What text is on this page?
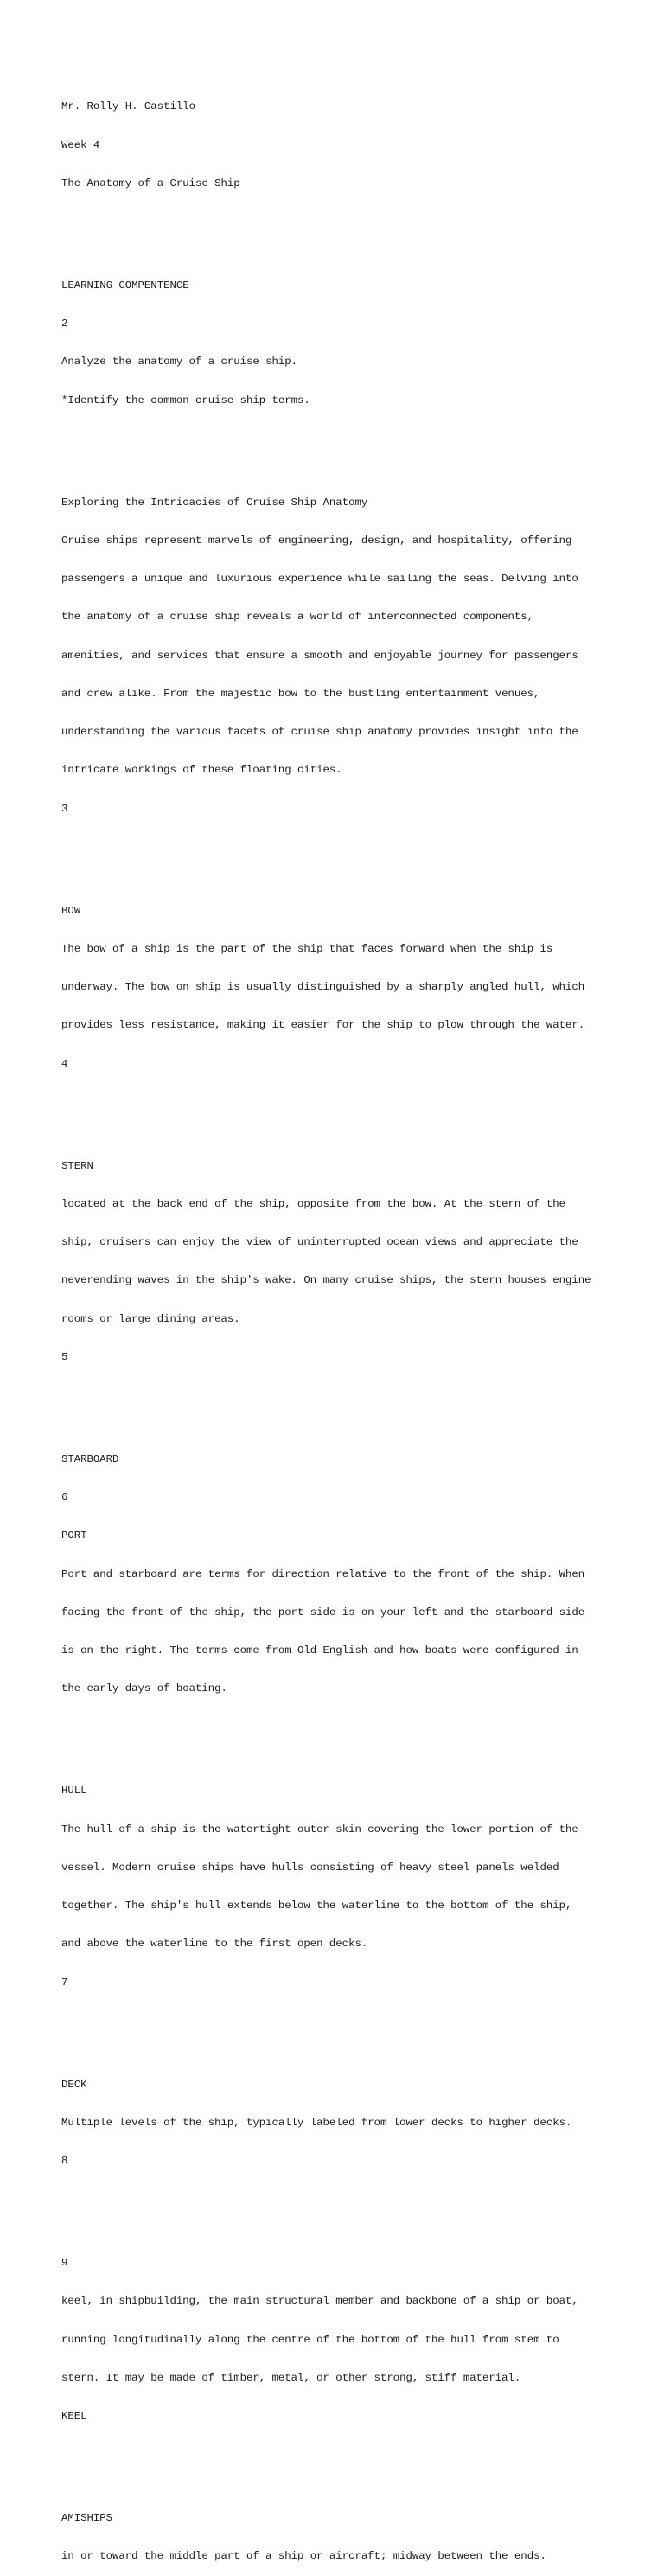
Mr. Rolly H. Castillo

Week 4

The Anatomy of a Cruise Ship

LEARNING COMPENTENCE

2

Analyze the anatomy of a cruise ship.

*Identify the common cruise ship terms.

Exploring the Intricacies of Cruise Ship Anatomy

Cruise ships represent marvels of engineering, design, and hospitality, offering

passengers a unique and luxurious experience while sailing the seas. Delving into

the anatomy of a cruise ship reveals a world of interconnected components,

amenities, and services that ensure a smooth and enjoyable journey for passengers

and crew alike. From the majestic bow to the bustling entertainment venues,

understanding the various facets of cruise ship anatomy provides insight into the

intricate workings of these floating cities.

3

BOW

The bow of a ship is the part of the ship that faces forward when the ship is

underway. The bow on ship is usually distinguished by a sharply angled hull, which

provides less resistance, making it easier for the ship to plow through the water.

4

STERN

located at the back end of the ship, opposite from the bow. At the stern of the

ship, cruisers can enjoy the view of uninterrupted ocean views and appreciate the

neverending waves in the ship's wake. On many cruise ships, the stern houses engine

rooms or large dining areas.

5

STARBOARD

6

PORT

Port and starboard are terms for direction relative to the front of the ship. When

facing the front of the ship, the port side is on your left and the starboard side

is on the right. The terms come from Old English and how boats were configured in

the early days of boating.

HULL

The hull of a ship is the watertight outer skin covering the lower portion of the

vessel. Modern cruise ships have hulls consisting of heavy steel panels welded

together. The ship's hull extends below the waterline to the bottom of the ship,

and above the waterline to the first open decks.

7

DECK

Multiple levels of the ship, typically labeled from lower decks to higher decks.

8

9

keel, in shipbuilding, the main structural member and backbone of a ship or boat,

running longitudinally along the centre of the bottom of the hull from stem to

stern. It may be made of timber, metal, or other strong, stiff material.

KEEL

AMISHIPS

in or toward the middle part of a ship or aircraft; midway between the ends.
